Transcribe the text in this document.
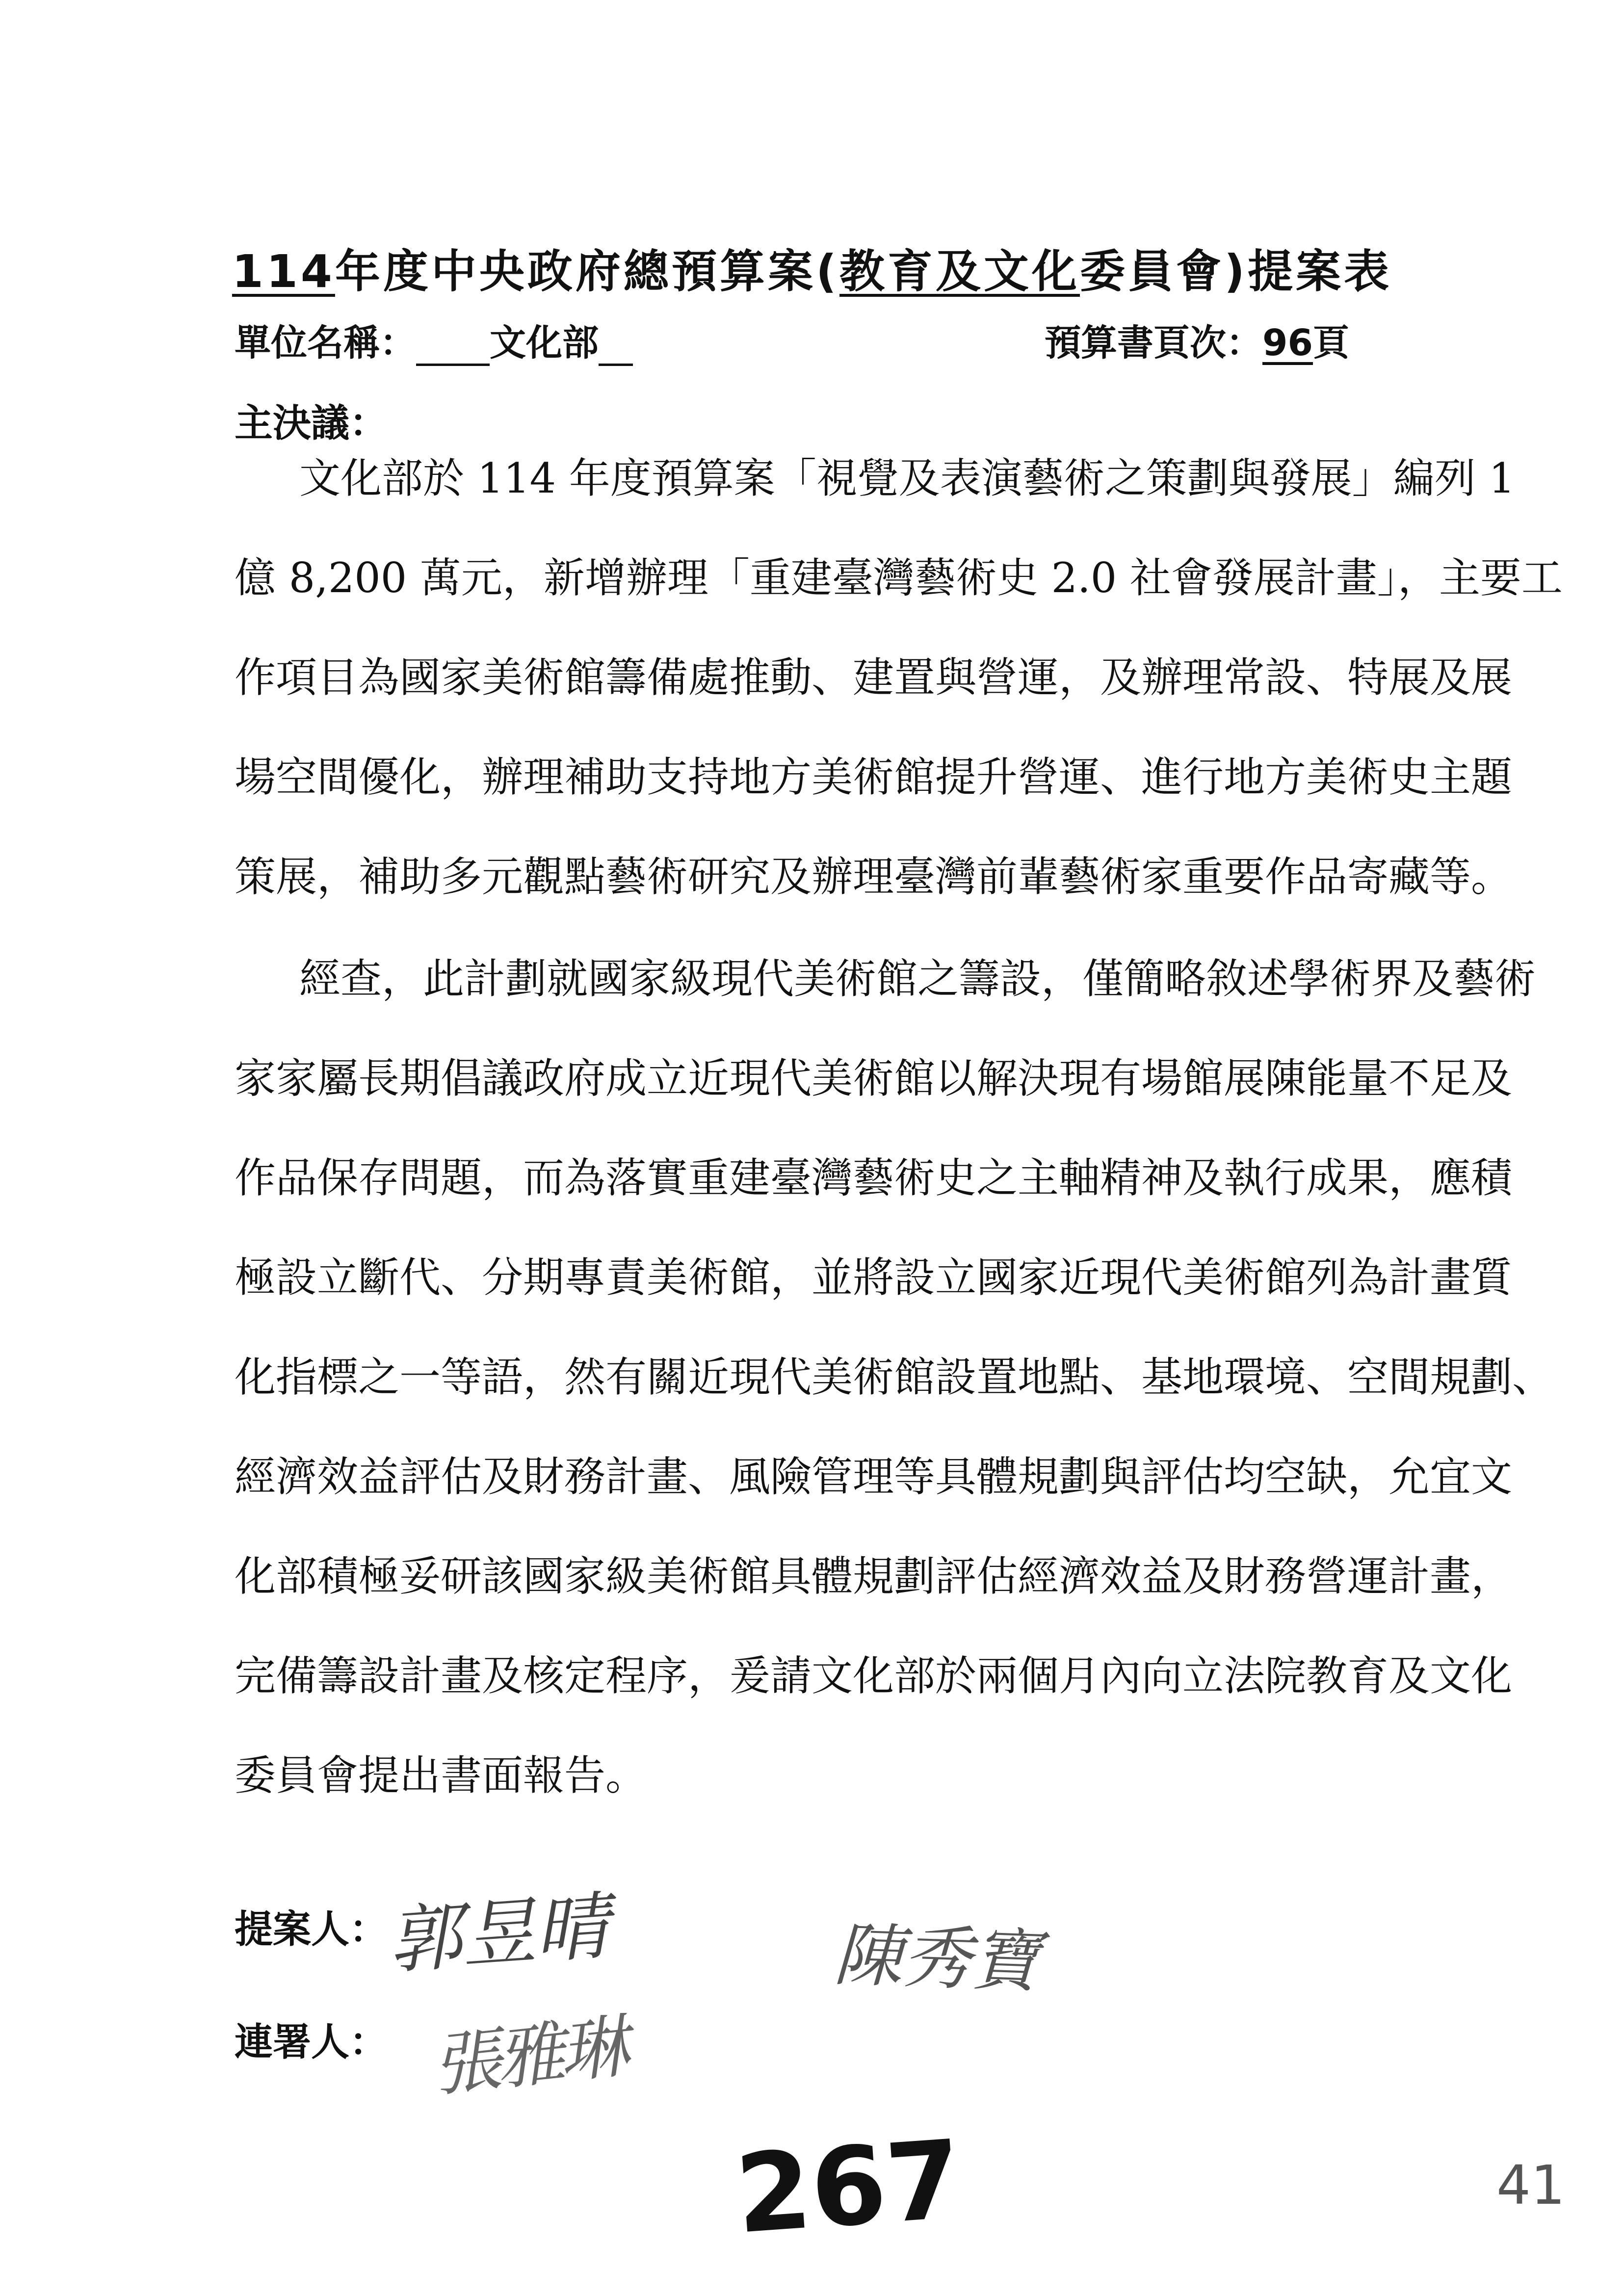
114年度中央政府總預算案(教育及文化委員會)提案表
單位名稱： 文化部	預算書頁次：96頁
主決議：
文化部於 114 年度預算案「視覺及表演藝術之策劃與發展」編列 1
億 8,200 萬元，新增辦理「重建臺灣藝術史 2.0 社會發展計畫」，主要工
作項目為國家美術館籌備處推動、建置與營運，及辦理常設、特展及展
場空間優化，辦理補助支持地方美術館提升營運、進行地方美術史主題
策展，補助多元觀點藝術研究及辦理臺灣前輩藝術家重要作品寄藏等。
經查，此計劃就國家級現代美術館之籌設，僅簡略敘述學術界及藝術
家家屬長期倡議政府成立近現代美術館以解決現有場館展陳能量不足及
作品保存問題，而為落實重建臺灣藝術史之主軸精神及執行成果，應積
極設立斷代、分期專責美術館，並將設立國家近現代美術館列為計畫質
化指標之一等語，然有關近現代美術館設置地點、基地環境、空間規劃、
經濟效益評估及財務計畫、風險管理等具體規劃與評估均空缺，允宜文
化部積極妥研該國家級美術館具體規劃評估經濟效益及財務營運計畫，
完備籌設計畫及核定程序，爰請文化部於兩個月內向立法院教育及文化
委員會提出書面報告。
提案人：
連署人：
郭昱晴	陳秀寶
張雅琳
267	41
